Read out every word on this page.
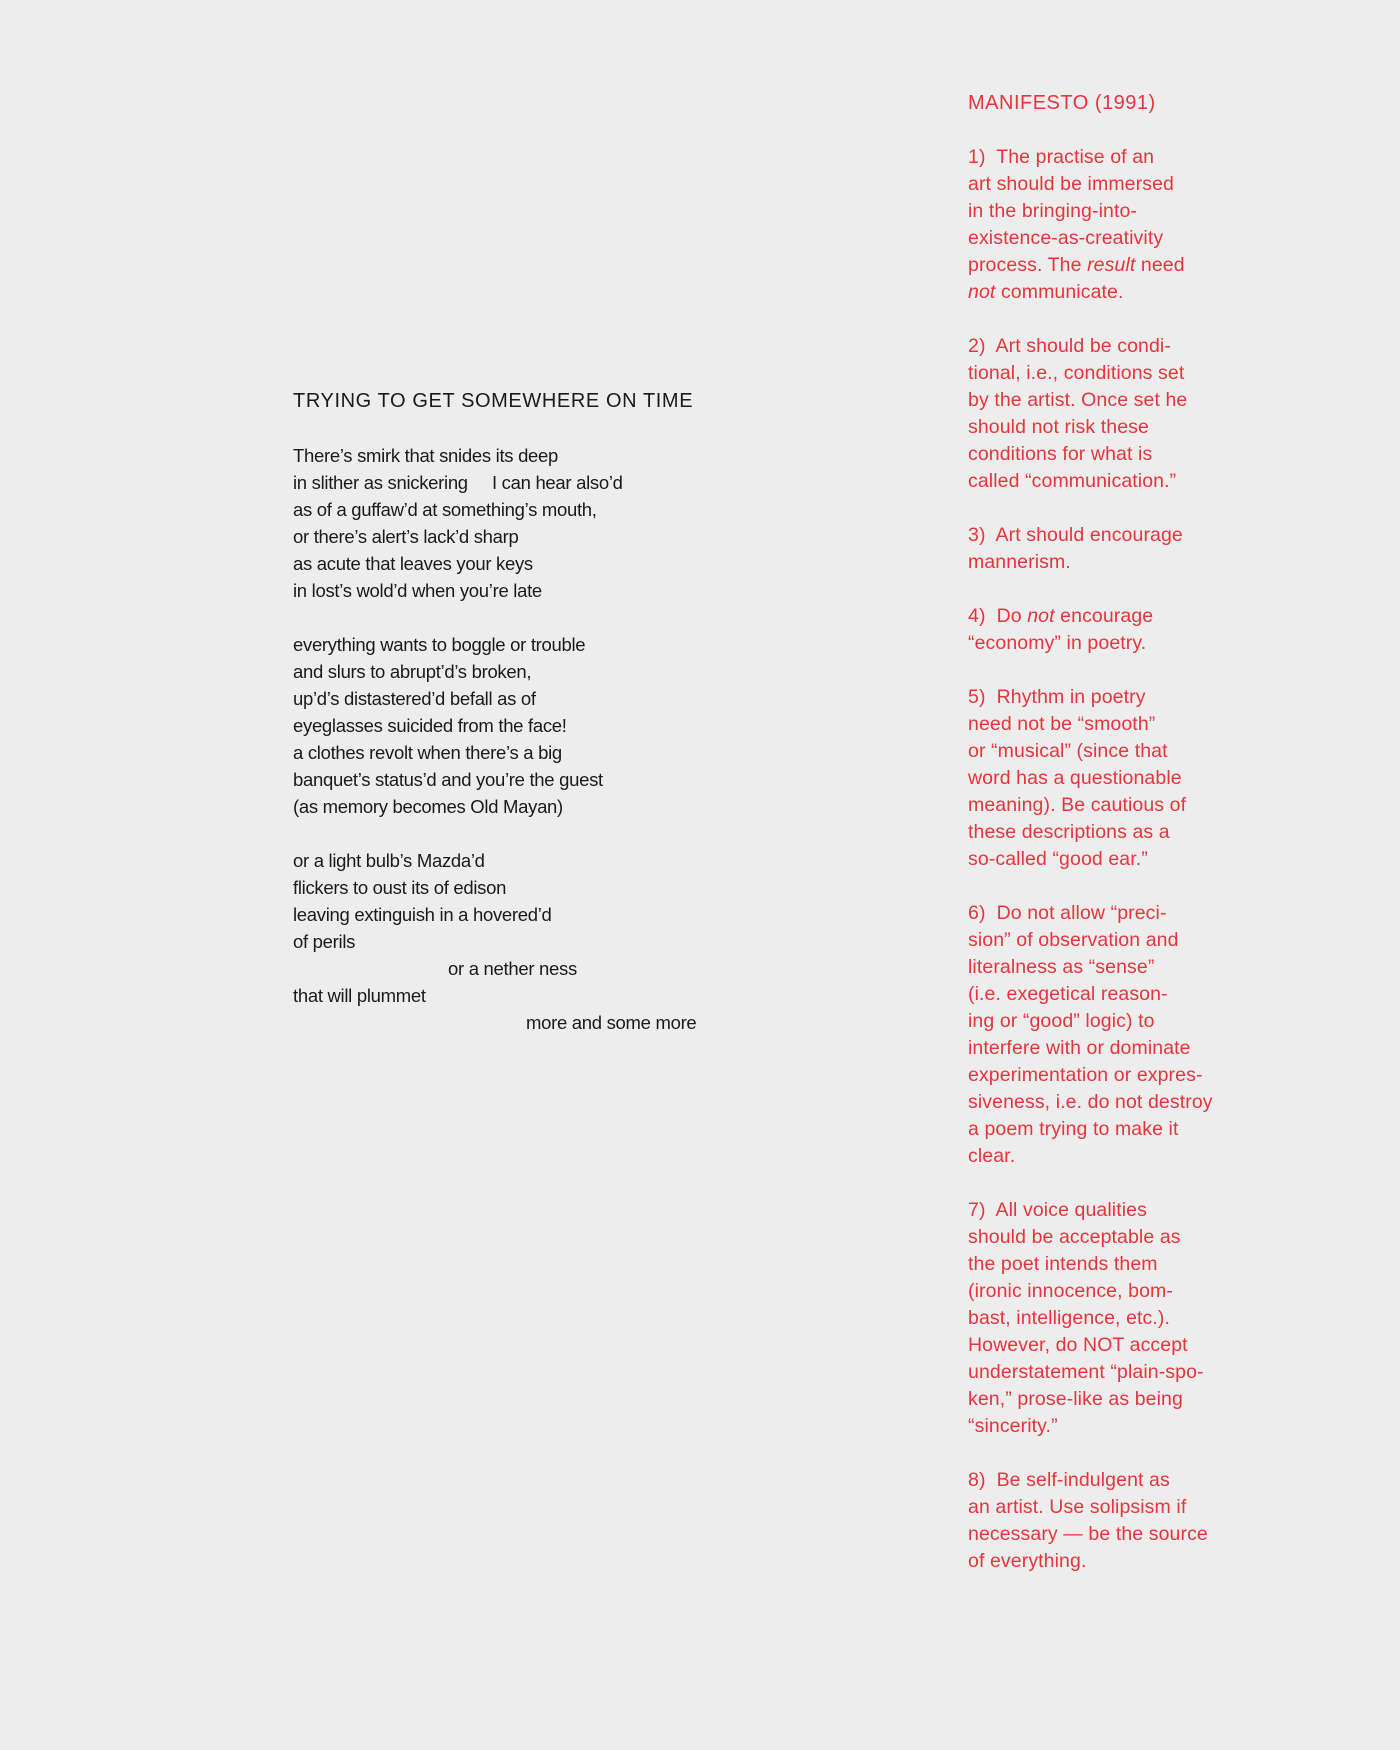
TRYING TO GET SOMEWHERE ON TIME
There’s smirk that snides its deep
in slither as snickering     I can hear also’d
as of a guffaw’d at something’s mouth,
or there’s alert’s lack’d sharp
as acute that leaves your keys
in lost’s wold’d when you’re late
everything wants to boggle or trouble
and slurs to abrupt’d’s broken,
up’d’s distastered’d befall as of
eyeglasses suicided from the face!
a clothes revolt when there’s a big
banquet’s status’d and you’re the guest
(as memory becomes Old Mayan)
or a light bulb’s Mazda’d
flickers to oust its of edison
leaving extinguish in a hovered’d
of perils
or a nether ness
that will plummet
more and some more
MANIFESTO (1991)
1)  The practise of an
art should be immersed
in the bringing-into-
existence-as-creativity
process. The result need
not communicate.
2)  Art should be condi-
tional, i.e., conditions set
by the artist. Once set he
should not risk these
conditions for what is
called “communication.”
3)  Art should encourage
mannerism.
4)  Do not encourage
“economy” in poetry.
5)  Rhythm in poetry
need not be “smooth”
or “musical” (since that
word has a questionable
meaning). Be cautious of
these descriptions as a
so-called “good ear.”
6)  Do not allow “preci-
sion” of observation and
literalness as “sense”
(i.e. exegetical reason-
ing or “good” logic) to
interfere with or dominate
experimentation or expres-
siveness, i.e. do not destroy
a poem trying to make it
clear.
7)  All voice qualities
should be acceptable as
the poet intends them
(ironic innocence, bom-
bast, intelligence, etc.).
However, do NOT accept
understatement “plain-spo-
ken,” prose-like as being
“sincerity.”
8)  Be self-indulgent as
an artist. Use solipsism if
necessary — be the source
of everything.
